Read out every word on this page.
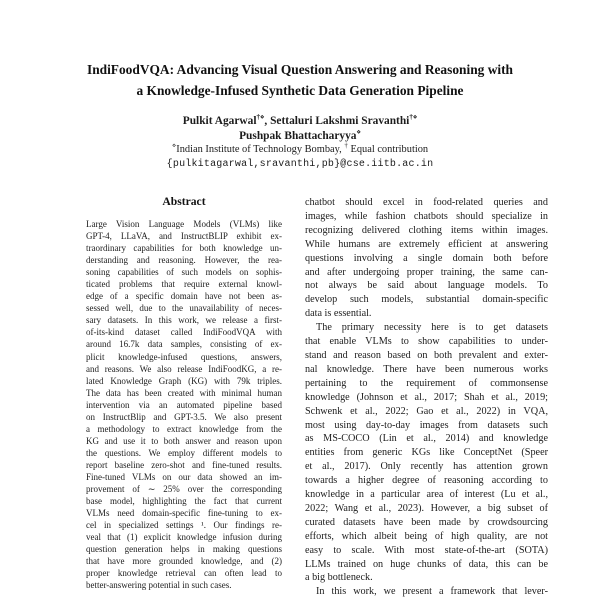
IndiFoodVQA: Advancing Visual Question Answering and Reasoning with
a Knowledge-Infused Synthetic Data Generation Pipeline
Pulkit Agarwal†⋄, Settaluri Lakshmi Sravanthi†⋄
Pushpak Bhattacharyya⋄
⋄Indian Institute of Technology Bombay, † Equal contribution
{pulkitagarwal,sravanthi,pb}@cse.iitb.ac.in
Abstract
Large Vision Language Models (VLMs) like
GPT-4, LLaVA, and InstructBLIP exhibit ex-
traordinary capabilities for both knowledge un-
derstanding and reasoning. However, the rea-
soning capabilities of such models on sophis-
ticated problems that require external knowl-
edge of a specific domain have not been as-
sessed well, due to the unavailability of neces-
sary datasets. In this work, we release a first-
of-its-kind dataset called IndiFoodVQA with
around 16.7k data samples, consisting of ex-
plicit knowledge-infused questions, answers,
and reasons. We also release IndiFoodKG, a re-
lated Knowledge Graph (KG) with 79k triples.
The data has been created with minimal human
intervention via an automated pipeline based
on InstructBlip and GPT-3.5. We also present
a methodology to extract knowledge from the
KG and use it to both answer and reason upon
the questions. We employ different models to
report baseline zero-shot and fine-tuned results.
Fine-tuned VLMs on our data showed an im-
provement of ∼ 25% over the corresponding
base model, highlighting the fact that current
VLMs need domain-specific fine-tuning to ex-
cel in specialized settings ¹. Our findings re-
veal that (1) explicit knowledge infusion during
question generation helps in making questions
that have more grounded knowledge, and (2)
proper knowledge retrieval can often lead to
better-answering potential in such cases.
chatbot should excel in food-related queries and
images, while fashion chatbots should specialize in
recognizing delivered clothing items within images.
While humans are extremely efficient at answering
questions involving a single domain both before
and after undergoing proper training, the same can-
not always be said about language models. To
develop such models, substantial domain-specific
data is essential.
The primary necessity here is to get datasets
that enable VLMs to show capabilities to under-
stand and reason based on both prevalent and exter-
nal knowledge. There have been numerous works
pertaining to the requirement of commonsense
knowledge (Johnson et al., 2017; Shah et al., 2019;
Schwenk et al., 2022; Gao et al., 2022) in VQA,
most using day-to-day images from datasets such
as MS-COCO (Lin et al., 2014) and knowledge
entities from generic KGs like ConceptNet (Speer
et al., 2017). Only recently has attention grown
towards a higher degree of reasoning according to
knowledge in a particular area of interest (Lu et al.,
2022; Wang et al., 2023). However, a big subset of
curated datasets have been made by crowdsourcing
efforts, which albeit being of high quality, are not
easy to scale. With most state-of-the-art (SOTA)
LLMs trained on huge chunks of data, this can be
a big bottleneck.
In this work, we present a framework that lever-
